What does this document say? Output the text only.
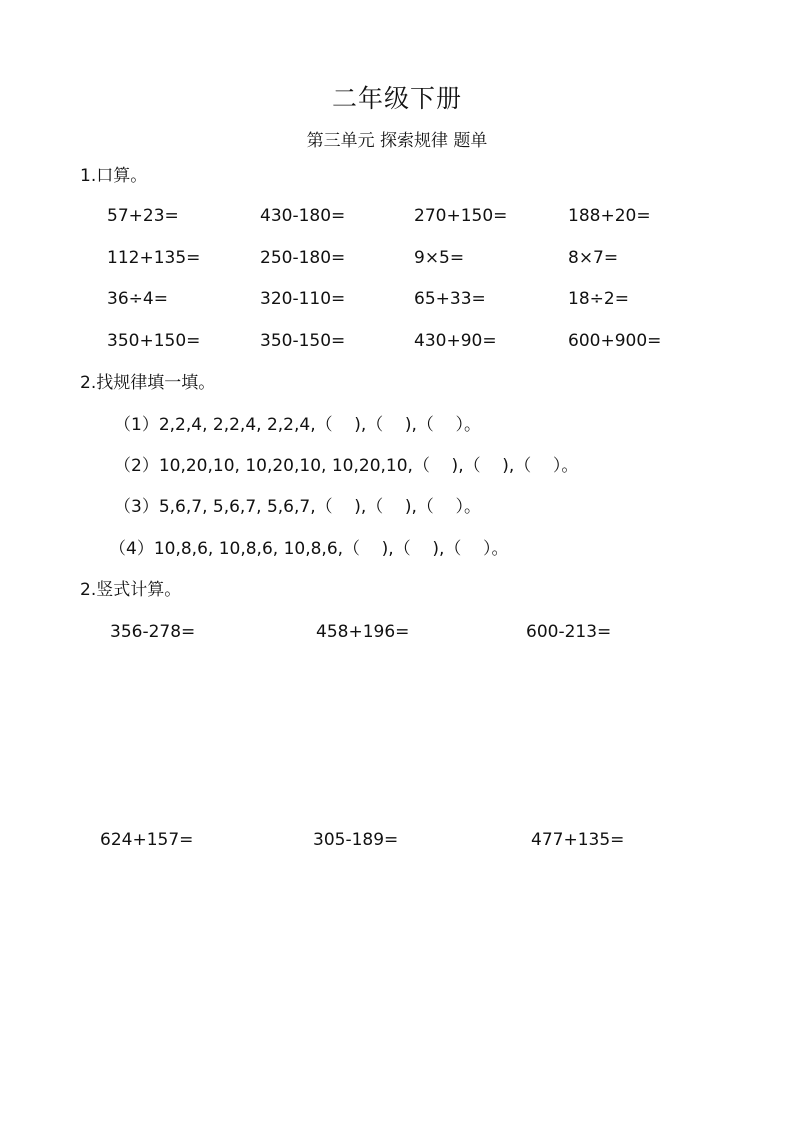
二年级下册
第三单元 探索规律 题单
1.口算。
57+23=	430-180=	270+150=	188+20=
112+135=	250-180=	9×5=	8×7=
36÷4=	320-110=	65+33=	18÷2=
350+150=	350-150=	430+90=	600+900=
2.找规律填一填。
（1）2,2,4, 2,2,4, 2,2,4,（    ),（    ),（    ）。
（2）10,20,10, 10,20,10, 10,20,10,（    ),（    ),（    ）。
（3）5,6,7, 5,6,7, 5,6,7,（    ),（    ),（    ）。
（4）10,8,6, 10,8,6, 10,8,6,（    ),（    ),（    ）。
2.竖式计算。
356-278=	458+196=	600-213=
624+157=	305-189=	477+135=
